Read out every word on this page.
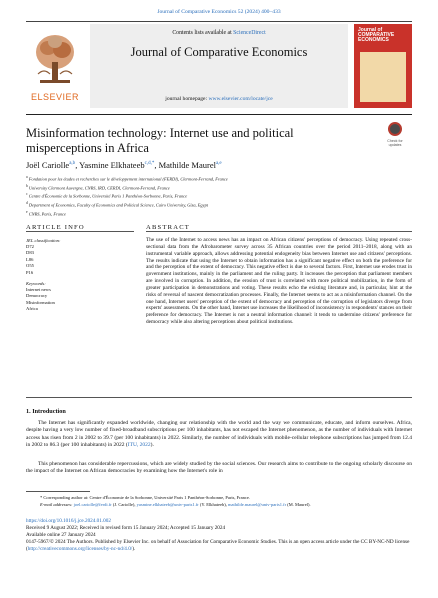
Journal of Comparative Economics 52 (2024) 400–433
ELSEVIER
Contents lists available at ScienceDirect
Journal of Comparative Economics
journal homepage: www.elsevier.com/locate/jce
Journal of COMPARATIVE ECONOMICS
Misinformation technology: Internet use and political misperceptions in Africa	Check for updates
Joël Cariolle$^{a,b}$, Yasmine Elkhateeb$^{c,d,*}$, Mathilde Maurel$^{a,e}$
$^a$ Fondation pour les études et recherches sur le développement international (FERDI), Clermont-Ferrand, France
$^b$ University Clermont Auvergne, CNRS, IRD, CERDI, Clermont-Ferrand, France
$^c$ Centre d'Économie de la Sorbonne, Université Paris 1 Panthéon-Sorbonne, Paris, France
$^d$ Department of Economics, Faculty of Economics and Political Science, Cairo University, Giza, Egypt
$^e$ CNRS, Paris, France
ARTICLE INFO	ABSTRACT
JEL classification:
D72
D83
L86
O55
P16
Keywords:
Internet news
Democracy
Misinformation
Africa
The use of the Internet to access news has an impact on African citizens' perceptions of democracy. Using repeated cross-sectional data from the Afrobarometer survey across 35 African countries over the period 2011–2018, along with an instrumental variable approach, allows addressing potential endogeneity bias between Internet use and citizens' perceptions. The results indicate that using the Internet to obtain information has a significant negative effect on both the preference for and the perception of the extent of democracy. This negative effect is due to several factors. First, Internet use erodes trust in government institutions, mainly in the parliament and the ruling party. It increases the perception that parliament members are involved in corruption. In addition, the erosion of trust is correlated with more political mobilization, in the form of greater participation in demonstrations and voting. These results echo the existing literature and, in particular, hint at the risks of reversal of nascent democratization processes. Finally, the Internet seems to act as a misinformation channel. On the one hand, Internet users' perception of the extent of democracy and perception of the corruption of legislators diverge from experts' assessments. On the other hand, Internet use increases the likelihood of inconsistency in respondents' stances on their preference for democracy. The Internet is not a neutral information channel: it tends to undermine citizens' preference for democracy while also altering perceptions about political institutions.
1. Introduction
The Internet has significantly expanded worldwide, changing our relationship with the world and the way we communicate, educate, and inform ourselves. Africa, despite having a very low number of fixed-broadband subscriptions per 100 inhabitants, has not escaped the Internet phenomenon, as the number of individuals with Internet access has risen from 2 in 2002 to 39.7 (per 100 inhabitants) in 2022. Similarly, the number of individuals with mobile-cellular telephone subscriptions has jumped from 12.4 in 2002 to 86.3 (per 100 inhabitants) in 2022 (ITU, 2022).
This phenomenon has considerable repercussions, which are widely studied by the social sciences. Our research aims to contribute to the ongoing scholarly discourse on the impact of the Internet on African democracies by examining how the Internet's role in
* Corresponding author at: Centre d'Économie de la Sorbonne, Université Paris 1 Panthéon-Sorbonne, Paris, France.
E-mail addresses: joel.cariolle@ferdi.fr (J. Cariolle), yasmine.elkhateeb@univ-paris1.fr (Y. Elkhateeb), mathilde.maurel@univ-paris1.fr (M. Maurel).
https://doi.org/10.1016/j.jce.2024.01.002
Received 9 August 2022; Received in revised form 15 January 2024; Accepted 15 January 2024
Available online 27 January 2024
0147-5967/© 2024 The Authors. Published by Elsevier Inc. on behalf of Association for Comparative Economic Studies. This is an open access article under the CC BY-NC-ND license (http://creativecommons.org/licenses/by-nc-nd/4.0/).
